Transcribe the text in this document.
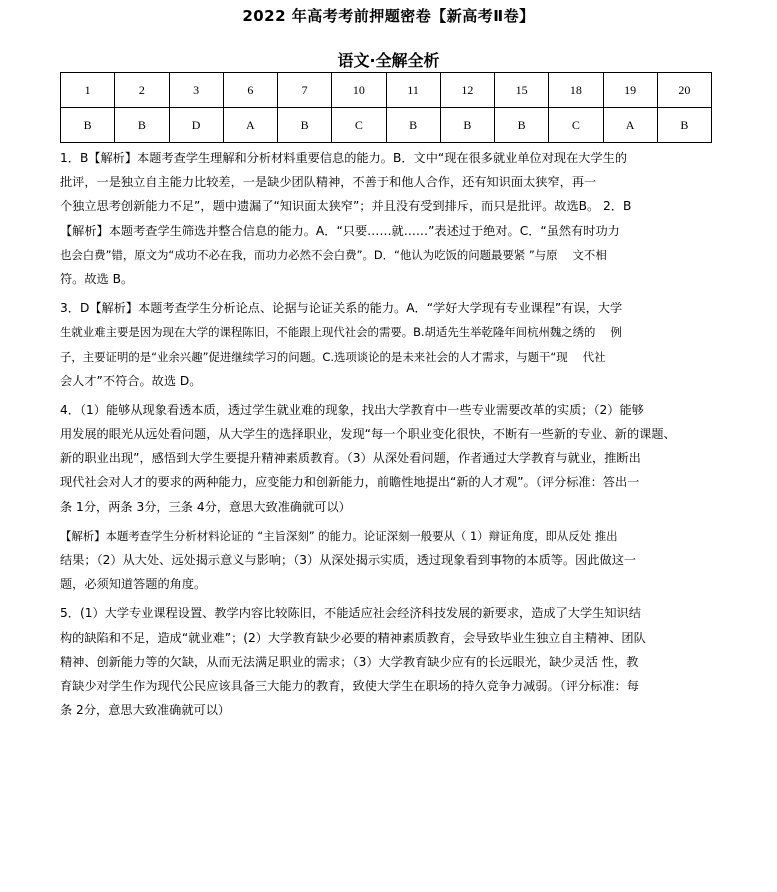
2022 年高考考前押题密卷【新高考Ⅱ卷】
语文·全解全析
1	2	3	6	7	10	11	12	15	18	19	20
B	B	D	A	B	C	B	B	B	C	A	B
1．B【解析】本题考查学生理解和分析材料重要信息的能力。B．文中“现在很多就业单位对现在大学生的
批评，一是独立自主能力比较差，一是缺少团队精神，不善于和他人合作，还有知识面太狭窄，再一
个独立思考创新能力不足”，题中遗漏了“知识面太狭窄”；并且没有受到排斥，而只是批评。故选B。 2．B
【解析】本题考查学生筛选并整合信息的能力。A．“只要……就……”表述过于绝对。C．“虽然有时功力
也会白费”错，原文为“成功不必在我，而功力必然不会白费”。D．“他认为吃饭的问题最要紧 ”与原　 文不相
符。故选 B。
3．D【解析】本题考查学生分析论点、论据与论证关系的能力。A．“学好大学现有专业课程”有误，大学
生就业难主要是因为现在大学的课程陈旧，不能跟上现代社会的需要。B.胡适先生举乾隆年间杭州魏之绣的　 例
子，主要证明的是“业余兴趣”促进继续学习的问题。C.选项谈论的是未来社会的人才需求，与题干“现　 代社
会人才”不符合。故选 D。
4．（1）能够从现象看透本质，透过学生就业难的现象，找出大学教育中一些专业需要改革的实质；（2）能够
用发展的眼光从远处看问题，从大学生的选择职业，发现“每一个职业变化很快，不断有一些新的专业、新的课题、
新的职业出现”，感悟到大学生要提升精神素质教育。（3）从深处看问题，作者通过大学教育与就业，推断出
现代社会对人才的要求的两种能力，应变能力和创新能力，前瞻性地提出“新的人才观”。（评分标准：答出一
条 1分，两条 3分，三条 4分，意思大致准确就可以）
【解析】本题考查学生分析材料论证的 “主旨深刻” 的能力。论证深刻一般要从（ 1）辩证角度，即从反处 推出
结果；（2）从大处、远处揭示意义与影响；（3）从深处揭示实质，透过现象看到事物的本质等。因此做这一
题，必须知道答题的角度。
5．(1）大学专业课程设置、教学内容比较陈旧，不能适应社会经济科技发展的新要求，造成了大学生知识结
构的缺陷和不足，造成“就业难”；(2）大学教育缺少必要的精神素质教育，会导致毕业生独立自主精神、团队
精神、创新能力等的欠缺，从而无法满足职业的需求；（3）大学教育缺少应有的长远眼光，缺少灵活 性，教
育缺少对学生作为现代公民应该具备三大能力的教育，致使大学生在职场的持久竞争力减弱。（评分标准：每
条 2分，意思大致准确就可以）
